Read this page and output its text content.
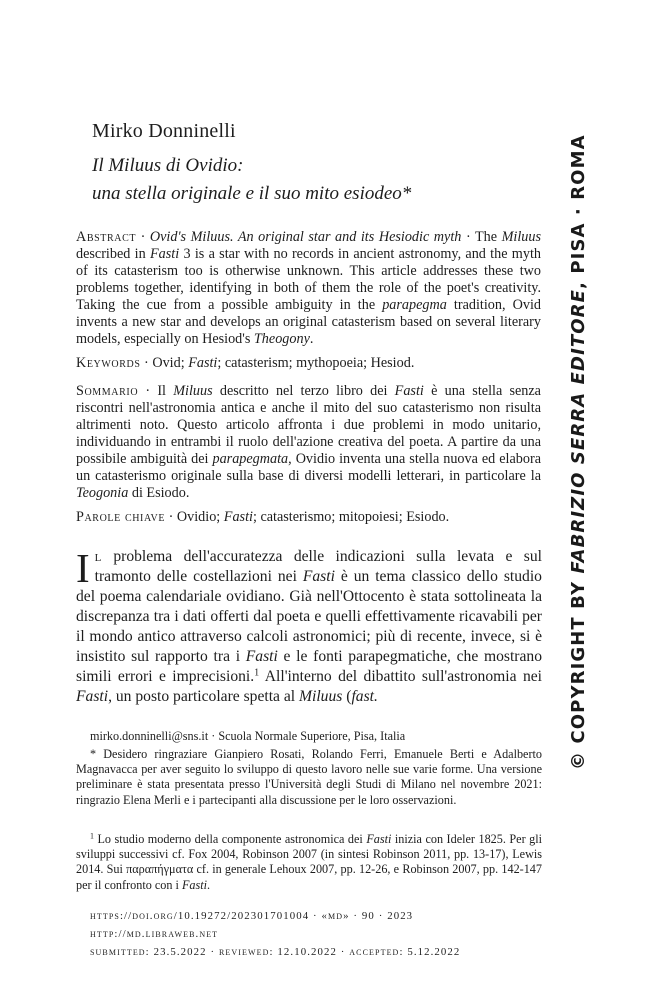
Mirko Donninelli
Il Miluus di Ovidio:
una stella originale e il suo mito esiodeo*
Abstract · Ovid's Miluus. An original star and its Hesiodic myth · The Miluus described in Fasti 3 is a star with no records in ancient astronomy, and the myth of its catasterism too is otherwise unknown. This article addresses these two problems together, identifying in both of them the role of the poet's creativity. Taking the cue from a possible ambiguity in the parapegma tradition, Ovid invents a new star and develops an original catasterism based on several literary models, especially on Hesiod's Theogony.
Keywords · Ovid; Fasti; catasterism; mythopoeia; Hesiod.
Sommario · Il Miluus descritto nel terzo libro dei Fasti è una stella senza riscontri nell'astronomia antica e anche il mito del suo catasterismo non risulta altrimenti noto. Questo articolo affronta i due problemi in modo unitario, individuando in entrambi il ruolo dell'azione creativa del poeta. A partire da una possibile ambiguità dei parapegmata, Ovidio inventa una stella nuova ed elabora un catasterismo originale sulla base di diversi modelli letterari, in particolare la Teogonia di Esiodo.
Parole chiave · Ovidio; Fasti; catasterismo; mitopoiesi; Esiodo.
Il problema dell'accuratezza delle indicazioni sulla levata e sul tramonto delle costellazioni nei Fasti è un tema classico dello studio del poema calendariale ovidiano. Già nell'Ottocento è stata sottolineata la discrepanza tra i dati offerti dal poeta e quelli effettivamente ricavabili per il mondo antico attraverso calcoli astronomici; più di recente, invece, si è insistito sul rapporto tra i Fasti e le fonti parapegmatiche, che mostrano simili errori e imprecisioni.$^1$ All'interno del dibattito sull'astronomia nei Fasti, un posto particolare spetta al Miluus (fast.
mirko.donninelli@sns.it · Scuola Normale Superiore, Pisa, Italia
* Desidero ringraziare Gianpiero Rosati, Rolando Ferri, Emanuele Berti e Adalberto Magnavacca per aver seguito lo sviluppo di questo lavoro nelle sue varie forme. Una versione preliminare è stata presentata presso l'Università degli Studi di Milano nel novembre 2021: ringrazio Elena Merli e i partecipanti alla discussione per le loro osservazioni.
$^1$ Lo studio moderno della componente astronomica dei Fasti inizia con Ideler 1825. Per gli sviluppi successivi cf. Fox 2004, Robinson 2007 (in sintesi Robinson 2011, pp. 13-17), Lewis 2014. Sui παραπήγματα cf. in generale Lehoux 2007, pp. 12-26, e Robinson 2007, pp. 142-147 per il confronto con i Fasti.
https://doi.org/10.19272/202301701004 · «md» · 90 · 2023
http://md.libraweb.net
submitted: 23.5.2022 · reviewed: 12.10.2022 · accepted: 5.12.2022
© COPYRIGHT BY FABRIZIO SERRA EDITORE, PISA · ROMA
